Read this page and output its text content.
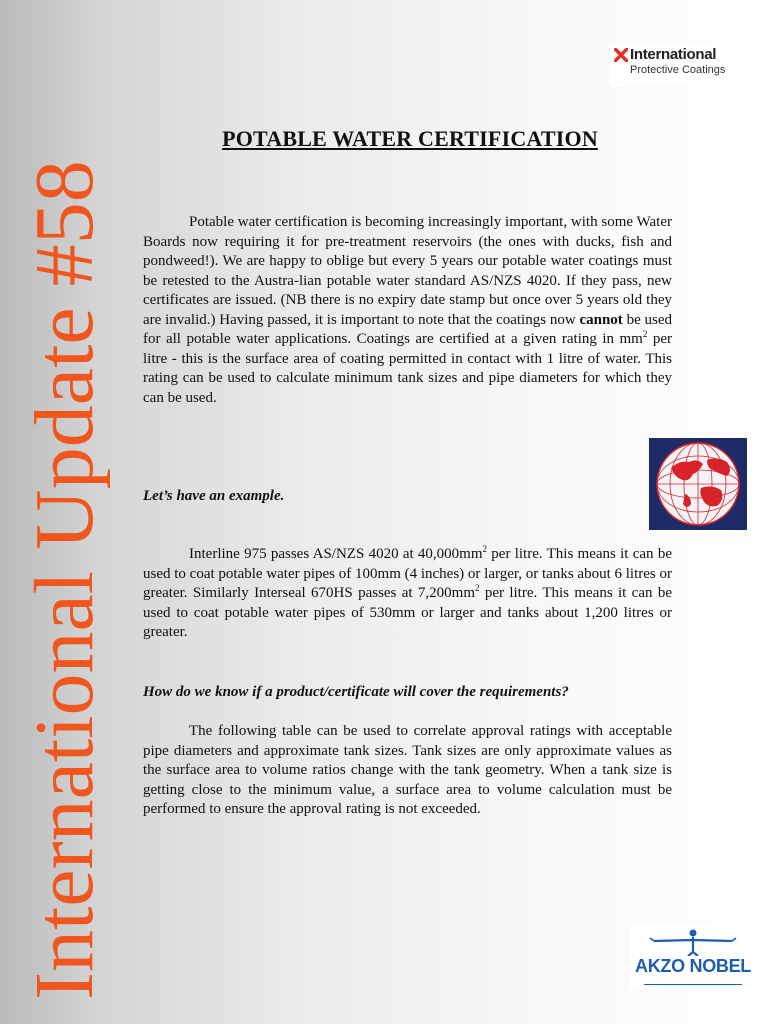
International Update #58
International
Protective Coatings
POTABLE WATER CERTIFICATION

Potable water certification is becoming increasingly important, with some Water Boards now requiring it for pre-treatment reservoirs (the ones with ducks, fish and pondweed!). We are happy to oblige but every 5 years our potable water coatings must be retested to the Austra-lian potable water standard AS/NZS 4020. If they pass, new certificates are issued. (NB there is no expiry date stamp but once over 5 years old they are invalid.) Having passed, it is important to note that the coatings now cannot be used for all potable water applications. Coatings are certified at a given rating in $mm^2$ per litre - this is the surface area of coating permitted in contact with 1 litre of water. This rating can be used to calculate minimum tank sizes and pipe diameters for which they can be used.

Let’s have an example.

Interline 975 passes AS/NZS 4020 at $40,000mm^2$ per litre. This means it can be used to coat potable water pipes of 100mm (4 inches) or larger, or tanks about 6 litres or greater. Similarly Interseal 670HS passes at $7,200mm^2$ per litre. This means it can be used to coat potable water pipes of 530mm or larger and tanks about 1,200 litres or greater.

How do we know if a product/certificate will cover the requirements?

The following table can be used to correlate approval ratings with acceptable pipe diameters and approximate tank sizes. Tank sizes are only approximate values as the surface area to volume ratios change with the tank geometry. When a tank size is getting close to the minimum value, a surface area to volume calculation must be performed to ensure the approval rating is not exceeded.

AKZO NOBEL
